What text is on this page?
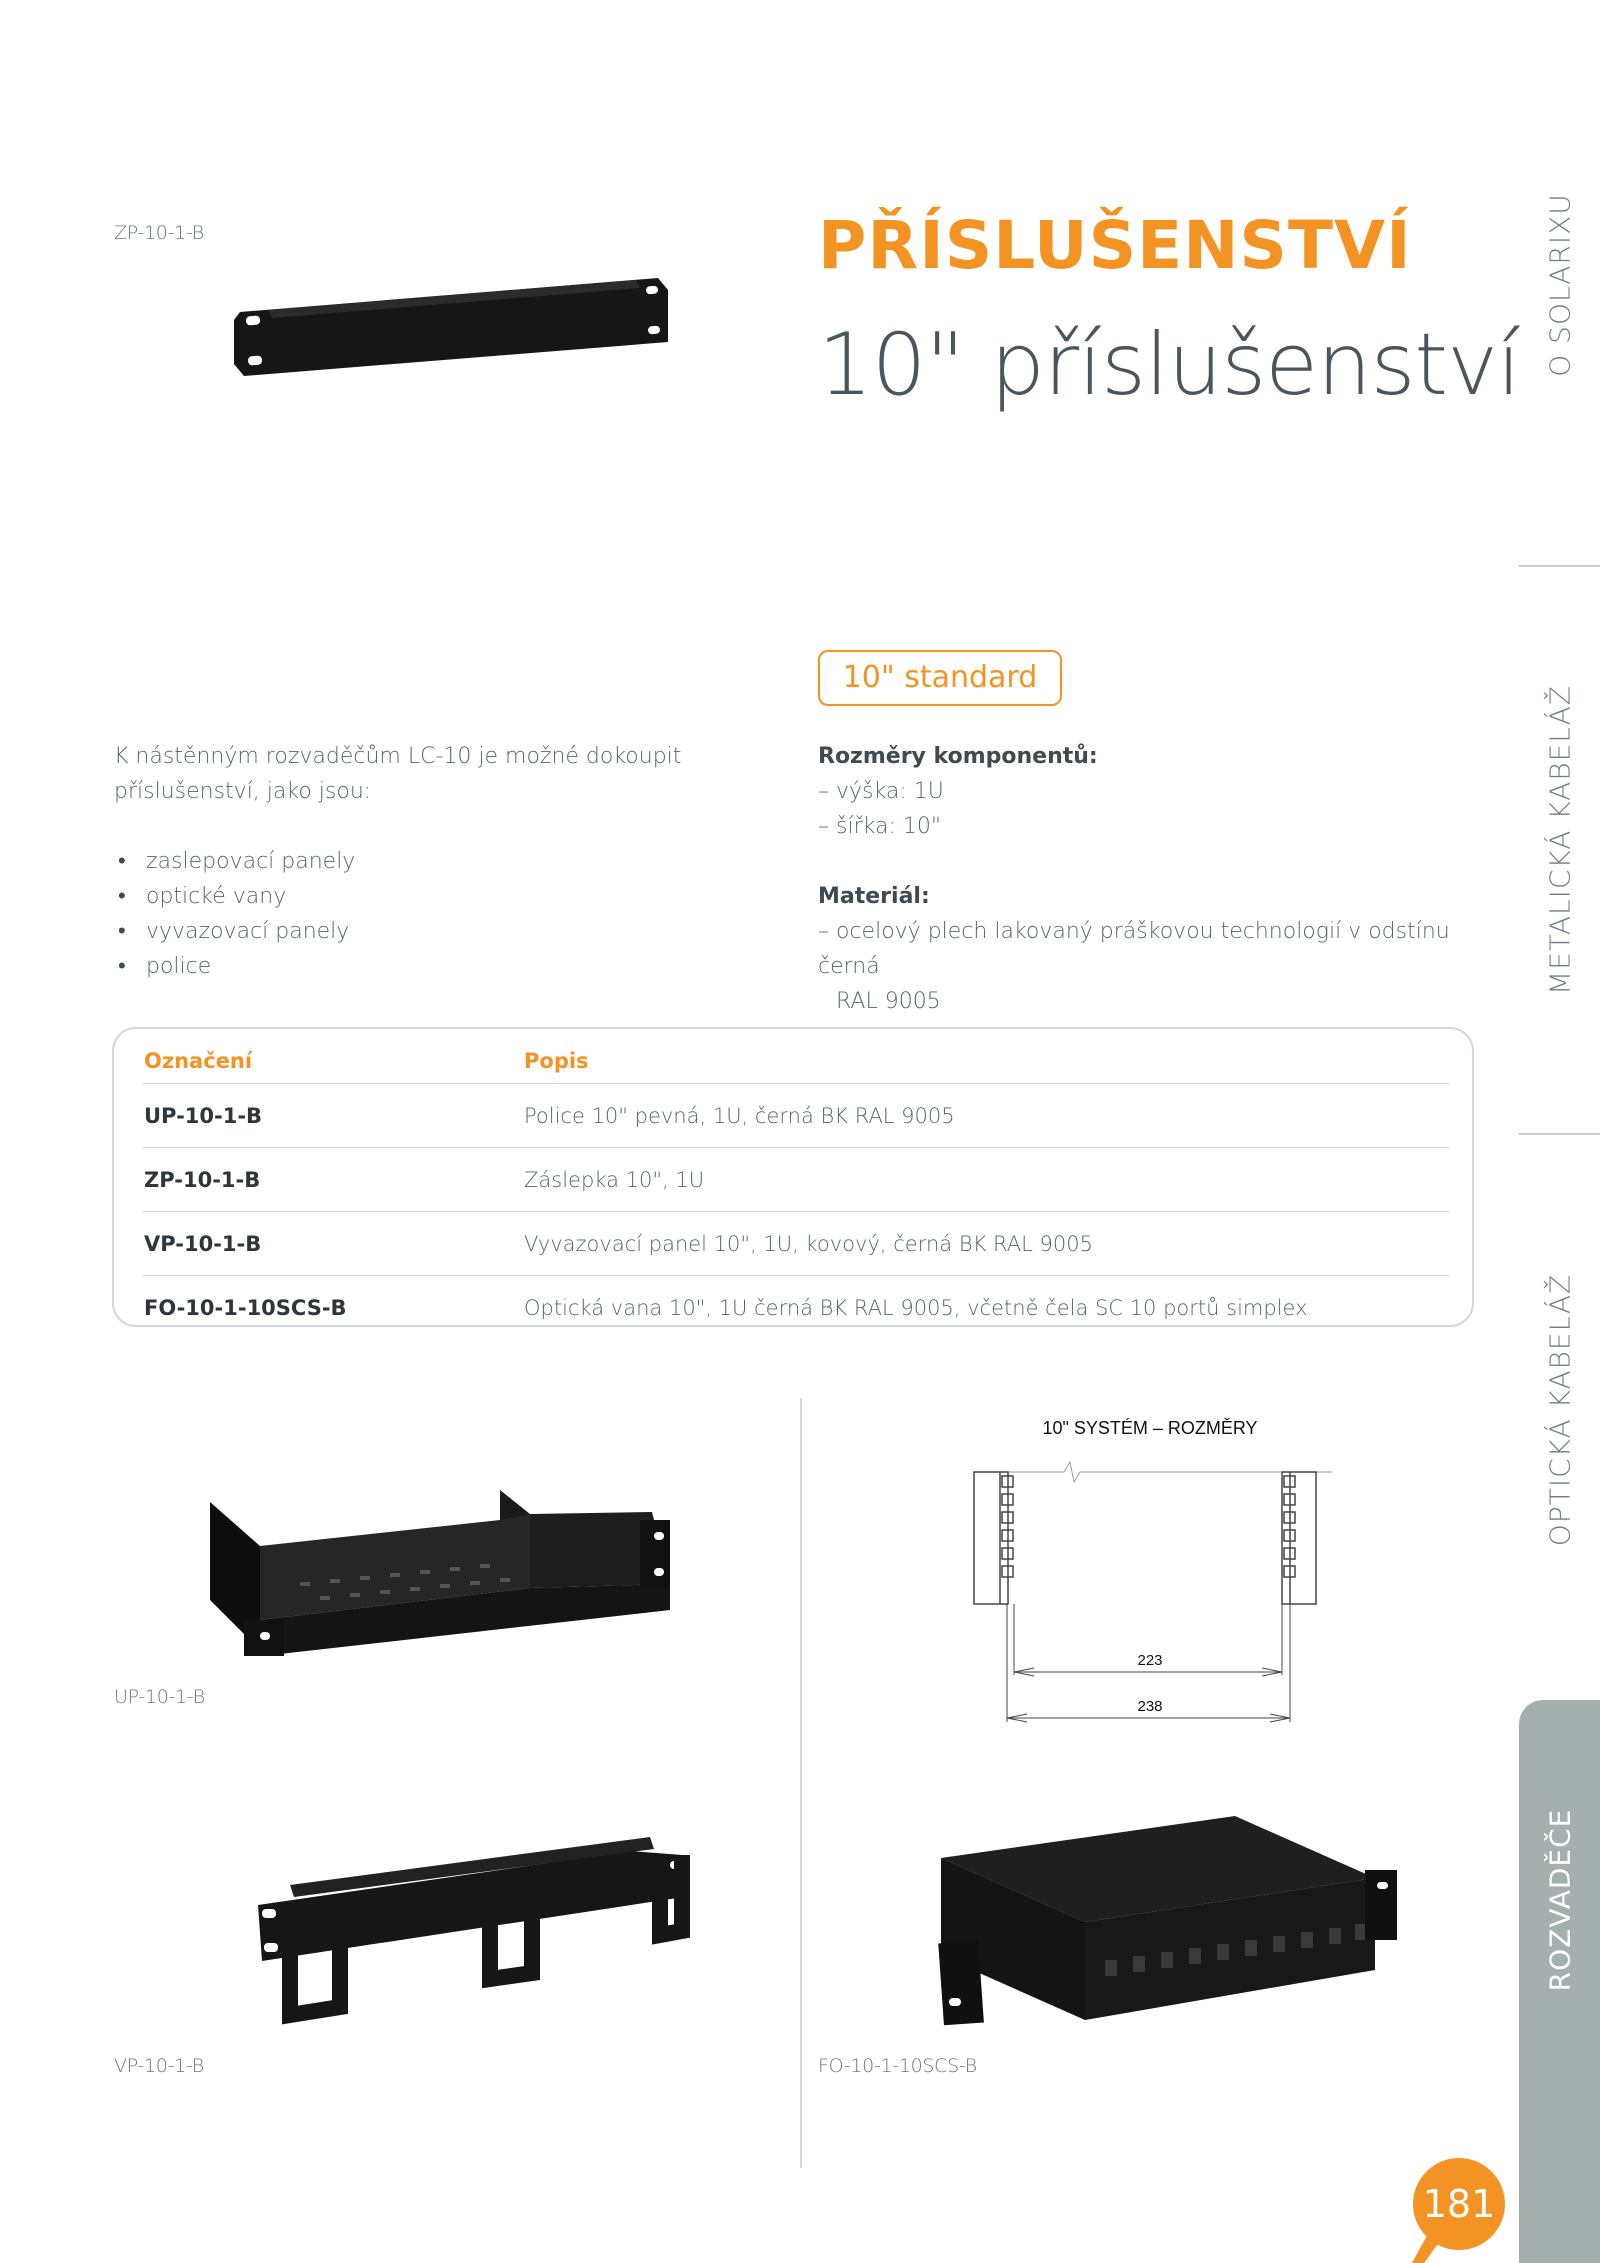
ZP-10-1-B	PŘÍSLUŠENSTVÍ
10" příslušenství
10" standard
K nástěnným rozvaděčům LC-10 je možné dokoupit příslušenství, jako jsou:
• zaslepovací panely
• optické vany
• vyvazovací panely
• police
Rozměry komponentů:
– výška: 1U
– šířka: 10"
Materiál:
– ocelový plech lakovaný práškovou technologií v odstínu černá
RAL 9005
Označení	Popis
UP-10-1-B	Police 10" pevná, 1U, černá BK RAL 9005
ZP-10-1-B	Záslepka 10", 1U
VP-10-1-B	Vyvazovací panel 10", 1U, kovový, černá BK RAL 9005
FO-10-1-10SCS-B	Optická vana 10", 1U černá BK RAL 9005, včetně čela SC 10 portů simplex
UP-10-1-B
VP-10-1-B
10" SYSTÉM – ROZMĚRY
223
238
FO-10-1-10SCS-B
O SOLARIXU
METALICKÁ KABELÁŽ
OPTICKÁ KABELÁŽ
ROZVADĚČE
181
